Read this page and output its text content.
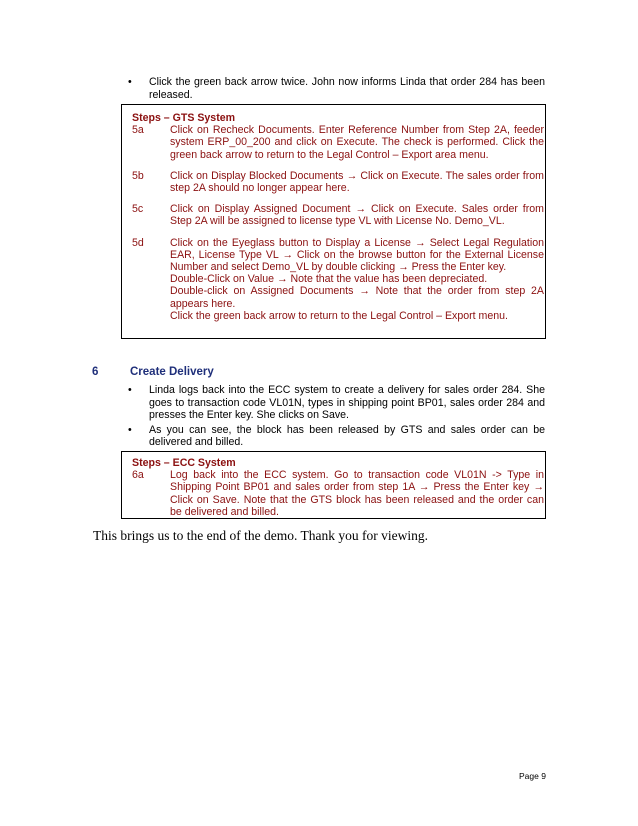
• Click the green back arrow twice. John now informs Linda that order 284 has been released.
Steps – GTS System
5a	Click on Recheck Documents. Enter Reference Number from Step 2A, feeder system ERP_00_200 and click on Execute. The check is performed. Click the green back arrow to return to the Legal Control – Export area menu.
5b	Click on Display Blocked Documents → Click on Execute. The sales order from step 2A should no longer appear here.
5c	Click on Display Assigned Document → Click on Execute. Sales order from Step 2A will be assigned to license type VL with License No. Demo_VL.
5d	Click on the Eyeglass button to Display a License → Select Legal Regulation EAR, License Type VL → Click on the browse button for the External License Number and select Demo_VL by double clicking → Press the Enter key.
Double-Click on Value → Note that the value has been depreciated.
Double-click on Assigned Documents → Note that the order from step 2A appears here.
Click the green back arrow to return to the Legal Control – Export menu.
6	Create Delivery
• Linda logs back into the ECC system to create a delivery for sales order 284. She goes to transaction code VL01N, types in shipping point BP01, sales order 284 and presses the Enter key. She clicks on Save.
• As you can see, the block has been released by GTS and sales order can be delivered and billed.
Steps – ECC System
6a	Log back into the ECC system. Go to transaction code VL01N -> Type in Shipping Point BP01 and sales order from step 1A → Press the Enter key → Click on Save. Note that the GTS block has been released and the order can be delivered and billed.
This brings us to the end of the demo. Thank you for viewing.
Page 9
